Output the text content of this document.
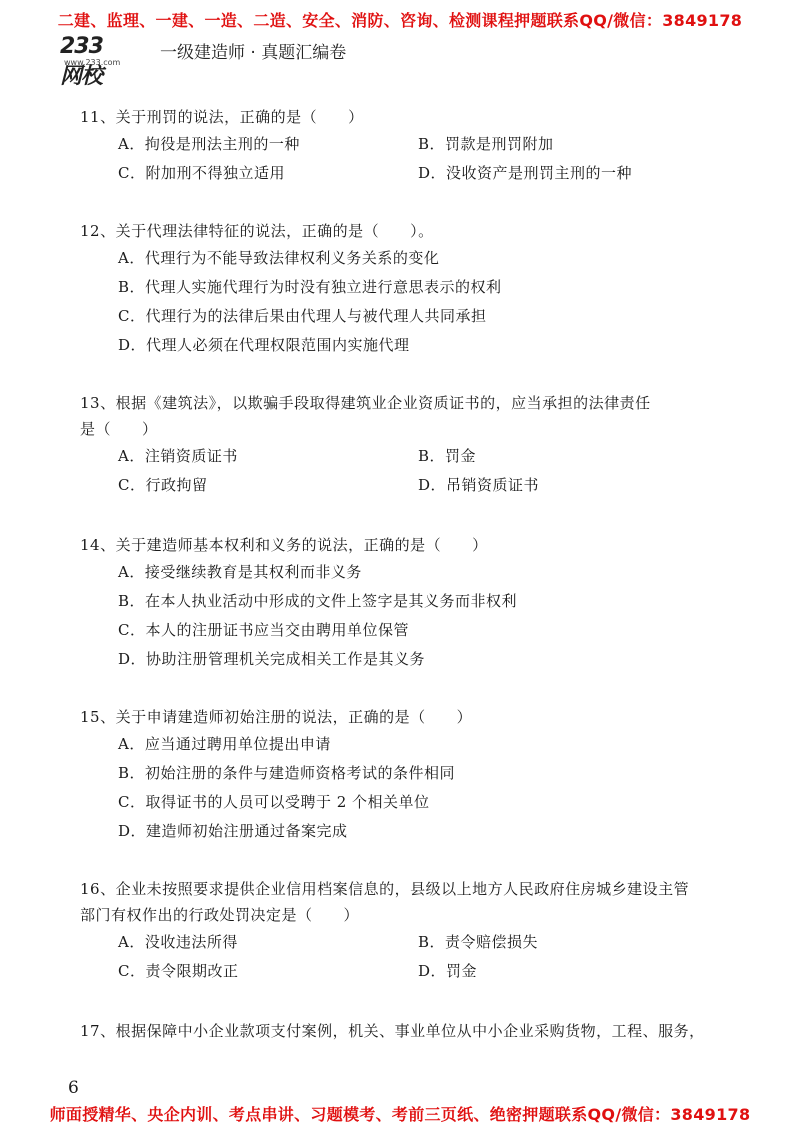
二建、监理、一建、一造、二造、安全、消防、咨询、检测课程押题联系QQ/微信：3849178
233网校
www.233.com 一级建造师 · 真题汇编卷

11、关于刑罚的说法，正确的是（　　）

A．拘役是刑法主刑的一种	B．罚款是刑罚附加
C．附加刑不得独立适用	D．没收资产是刑罚主刑的一种

12、关于代理法律特征的说法，正确的是（　　）。

A．代理行为不能导致法律权利义务关系的变化
B．代理人实施代理行为时没有独立进行意思表示的权利
C．代理行为的法律后果由代理人与被代理人共同承担
D．代理人必须在代理权限范围内实施代理

13、根据《建筑法》，以欺骗手段取得建筑业企业资质证书的，应当承担的法律责任

是（　　）

A．注销资质证书	B．罚金
C．行政拘留	D．吊销资质证书

14、关于建造师基本权利和义务的说法，正确的是（　　）

A．接受继续教育是其权利而非义务
B．在本人执业活动中形成的文件上签字是其义务而非权利
C．本人的注册证书应当交由聘用单位保管
D．协助注册管理机关完成相关工作是其义务

15、关于申请建造师初始注册的说法，正确的是（　　）

A．应当通过聘用单位提出申请
B．初始注册的条件与建造师资格考试的条件相同
C．取得证书的人员可以受聘于 2 个相关单位
D．建造师初始注册通过备案完成

16、企业未按照要求提供企业信用档案信息的，县级以上地方人民政府住房城乡建设主管

部门有权作出的行政处罚决定是（　　）

A．没收违法所得	B．责令赔偿损失
C．责令限期改正	D．罚金

17、根据保障中小企业款项支付案例，机关、事业单位从中小企业采购货物，工程、服务，

6
师面授精华、央企内训、考点串讲、习题模考、考前三页纸、绝密押题联系QQ/微信：3849178
